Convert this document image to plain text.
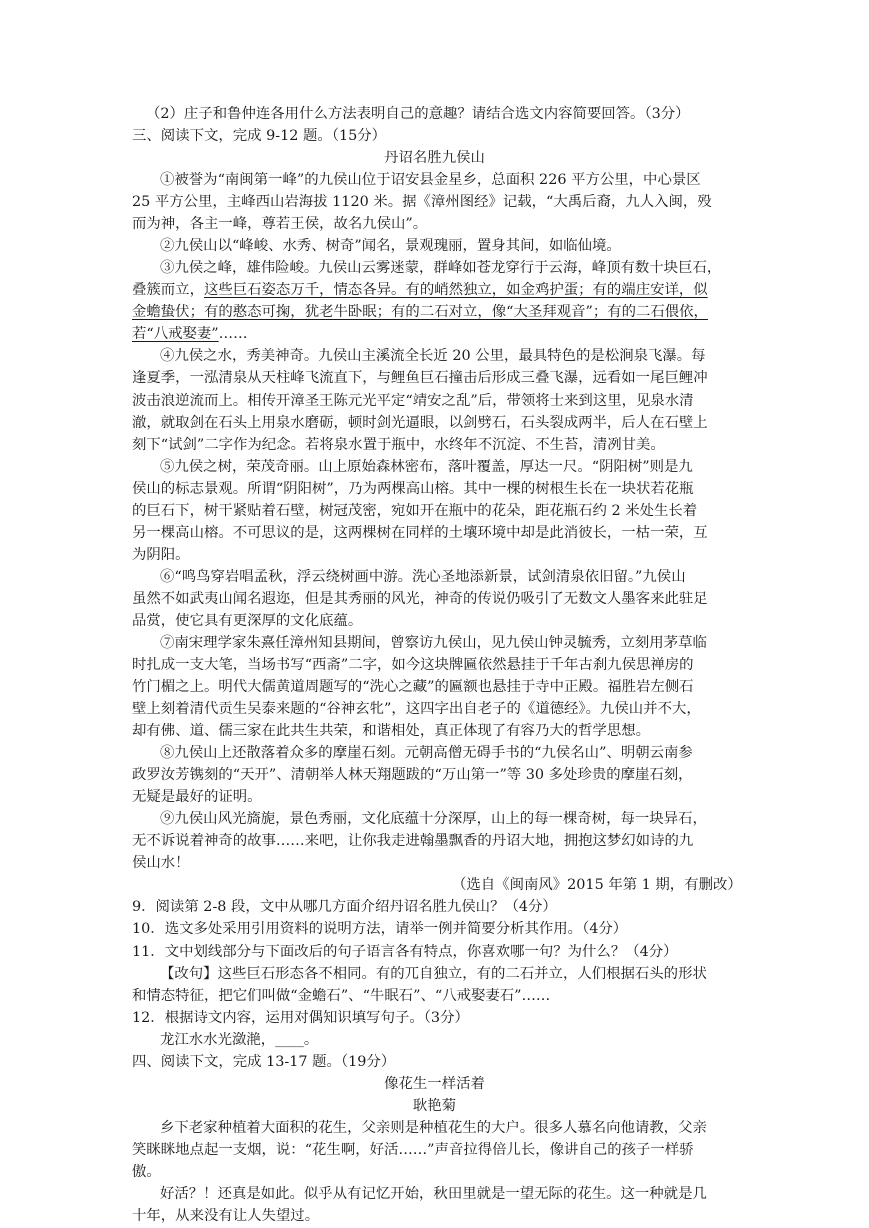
（2）庄子和鲁仲连各用什么方法表明自己的意趣？请结合选文内容简要回答。（3分）
三、阅读下文，完成 9-12 题。（15分）
丹诏名胜九侯山
①被誉为“南闽第一峰”的九侯山位于诏安县金星乡，总面积 226 平方公里，中心景区
25 平方公里，主峰西山岩海拔 1120 米。据《漳州图经》记载，“大禹后裔，九人入闽，殁
而为神，各主一峰，尊若王侯，故名九侯山”。
②九侯山以“峰峻、水秀、树奇”闻名，景观瑰丽，置身其间，如临仙境。
③九侯之峰，雄伟险峻。九侯山云雾迷蒙，群峰如苍龙穿行于云海，峰顶有数十块巨石，
叠簇而立，这些巨石姿态万千，情态各异。有的峭然独立，如金鸡护蛋；有的端庄安详，似
金蟾蛰伏；有的憨态可掬，犹老牛卧眠；有的二石对立，像“大圣拜观音”；有的二石偎依，
若“八戒娶妻”……
④九侯之水，秀美神奇。九侯山主溪流全长近 20 公里，最具特色的是松涧泉飞瀑。每
逢夏季，一泓清泉从天柱峰飞流直下，与鲤鱼巨石撞击后形成三叠飞瀑，远看如一尾巨鲤冲
波击浪逆流而上。相传开漳圣王陈元光平定“靖安之乱”后，带领将士来到这里，见泉水清
澈，就取剑在石头上用泉水磨砺，顿时剑光逼眼，以剑劈石，石头裂成两半，后人在石壁上
刻下“试剑”二字作为纪念。若将泉水置于瓶中，水终年不沉淀、不生苔，清冽甘美。
⑤九侯之树，荣茂奇丽。山上原始森林密布，落叶覆盖，厚达一尺。“阴阳树”则是九
侯山的标志景观。所谓“阴阳树”，乃为两棵高山榕。其中一棵的树根生长在一块状若花瓶
的巨石下，树干紧贴着石壁，树冠茂密，宛如开在瓶中的花朵，距花瓶石约 2 米处生长着
另一棵高山榕。不可思议的是，这两棵树在同样的土壤环境中却是此消彼长，一枯一荣，互
为阴阳。
⑥“鸣鸟穿岩唱孟秋，浮云绕树画中游。洗心圣地添新景，试剑清泉依旧留。”九侯山
虽然不如武夷山闻名遐迩，但是其秀丽的风光，神奇的传说仍吸引了无数文人墨客来此驻足
品赏，使它具有更深厚的文化底蕴。
⑦南宋理学家朱熹任漳州知县期间，曾察访九侯山，见九侯山钟灵毓秀，立刻用茅草临
时扎成一支大笔，当场书写“西斋”二字，如今这块牌匾依然悬挂于千年古刹九侯思禅房的
竹门楣之上。明代大儒黄道周题写的“洗心之藏”的匾额也悬挂于寺中正殿。福胜岩左侧石
壁上刻着清代贡生吴泰来题的“谷神玄牝”，这四字出自老子的《道德经》。九侯山并不大，
却有佛、道、儒三家在此共生共荣，和谐相处，真正体现了有容乃大的哲学思想。
⑧九侯山上还散落着众多的摩崖石刻。元朝高僧无碍手书的“九侯名山”、明朝云南参
政罗汝芳镌刻的“天开”、清朝举人林天翔题跋的“万山第一”等 30 多处珍贵的摩崖石刻，
无疑是最好的证明。
⑨九侯山风光旖旎，景色秀丽，文化底蕴十分深厚，山上的每一棵奇树，每一块异石，
无不诉说着神奇的故事……来吧，让你我走进翰墨飘香的丹诏大地，拥抱这梦幻如诗的九
侯山水！
（选自《闽南风》2015 年第 1 期，有删改）
9．阅读第 2-8 段，文中从哪几方面介绍丹诏名胜九侯山？（4分）
10．选文多处采用引用资料的说明方法，请举一例并简要分析其作用。（4分）
11．文中划线部分与下面改后的句子语言各有特点，你喜欢哪一句？为什么？（4分）
【改句】这些巨石形态各不相同。有的兀自独立，有的二石并立，人们根据石头的形状
和情态特征，把它们叫做“金蟾石”、“牛眠石”、“八戒娶妻石”……
12．根据诗文内容，运用对偶知识填写句子。（3分）
龙江水水光潋滟，____。
四、阅读下文，完成 13-17 题。（19分）
像花生一样活着
耿艳菊
乡下老家种植着大面积的花生，父亲则是种植花生的大户。很多人慕名向他请教，父亲
笑眯眯地点起一支烟，说：“花生啊，好活……”声音拉得倍儿长，像讲自己的孩子一样骄
傲。
好活？！还真是如此。似乎从有记忆开始，秋田里就是一望无际的花生。这一种就是几
十年，从来没有让人失望过。
